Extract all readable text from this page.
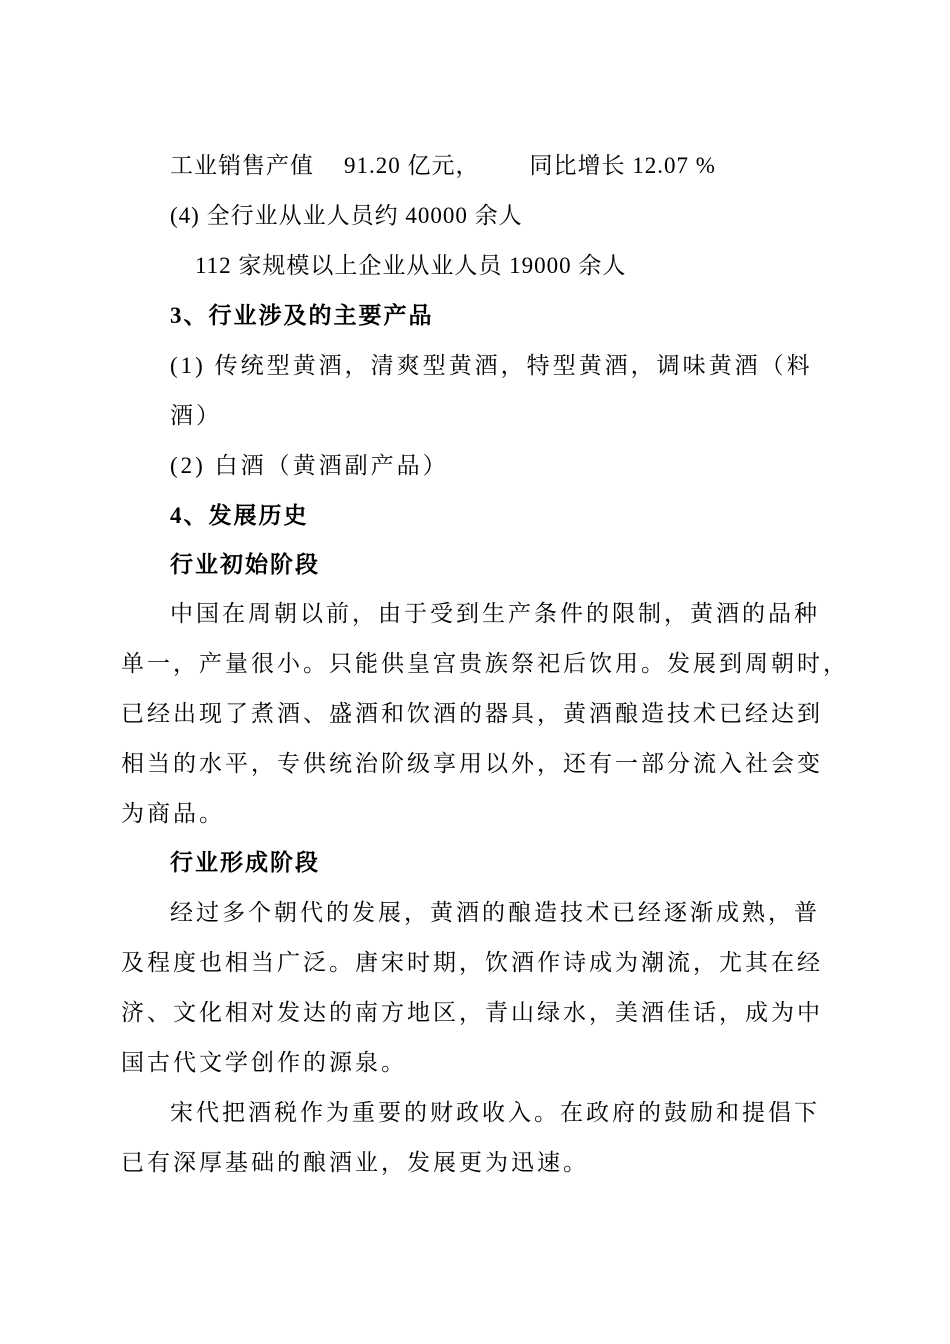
工业销售产值 91.20 亿元， 同比增长 12.07 %
(4) 全行业从业人员约 40000 余人
112 家规模以上企业从业人员 19000 余人
3、行业涉及的主要产品
(1) 传统型黄酒，清爽型黄酒，特型黄酒，调味黄酒（料
酒）
(2) 白酒（黄酒副产品）
4、发展历史
行业初始阶段
中国在周朝以前，由于受到生产条件的限制，黄酒的品种
单一，产量很小。只能供皇宫贵族祭祀后饮用。发展到周朝时，
已经出现了煮酒、盛酒和饮酒的器具，黄酒酿造技术已经达到
相当的水平，专供统治阶级享用以外，还有一部分流入社会变
为商品。
行业形成阶段
经过多个朝代的发展，黄酒的酿造技术已经逐渐成熟，普
及程度也相当广泛。唐宋时期，饮酒作诗成为潮流，尤其在经
济、文化相对发达的南方地区，青山绿水，美酒佳话，成为中
国古代文学创作的源泉。
宋代把酒税作为重要的财政收入。在政府的鼓励和提倡下
已有深厚基础的酿酒业，发展更为迅速。
